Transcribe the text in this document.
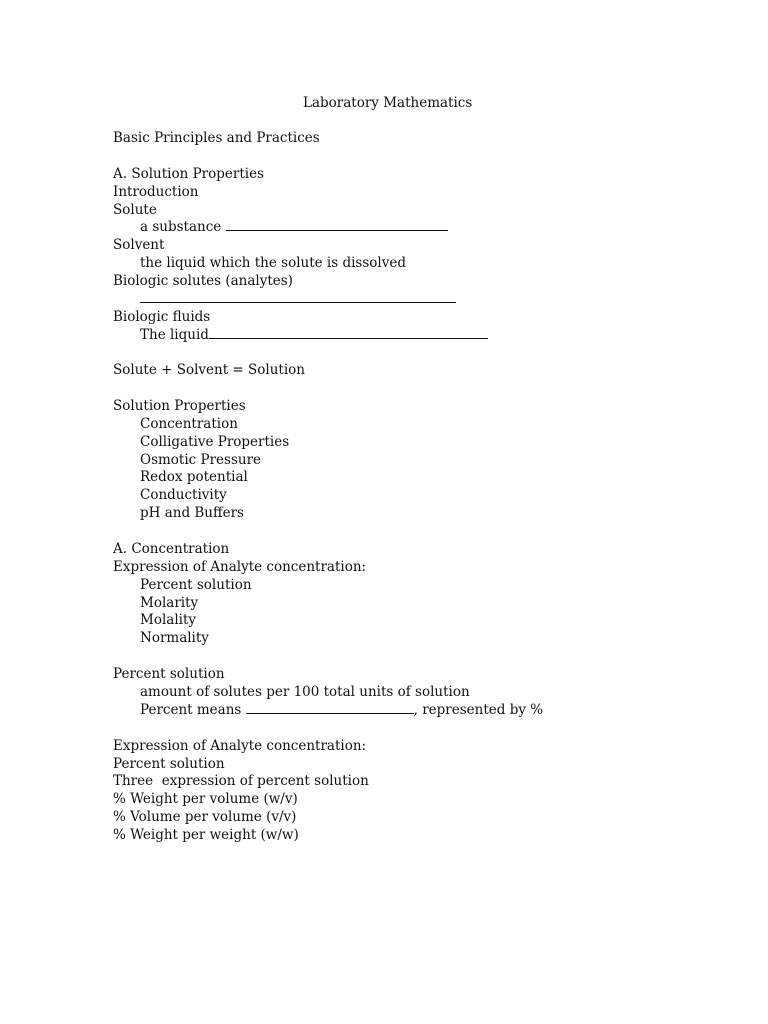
Laboratory Mathematics
Basic Principles and Practices
A. Solution Properties
Introduction
Solute
a substance
Solvent
the liquid which the solute is dissolved
Biologic solutes (analytes)
Biologic fluids
The liquid
Solute + Solvent = Solution
Solution Properties
Concentration
Colligative Properties
Osmotic Pressure
Redox potential
Conductivity
pH and Buffers
A. Concentration
Expression of Analyte concentration:
Percent solution
Molarity
Molality
Normality
Percent solution
amount of solutes per 100 total units of solution
Percent means	, represented by %
Expression of Analyte concentration:
Percent solution
Three  expression of percent solution
% Weight per volume (w/v)
% Volume per volume (v/v)
% Weight per weight (w/w)
